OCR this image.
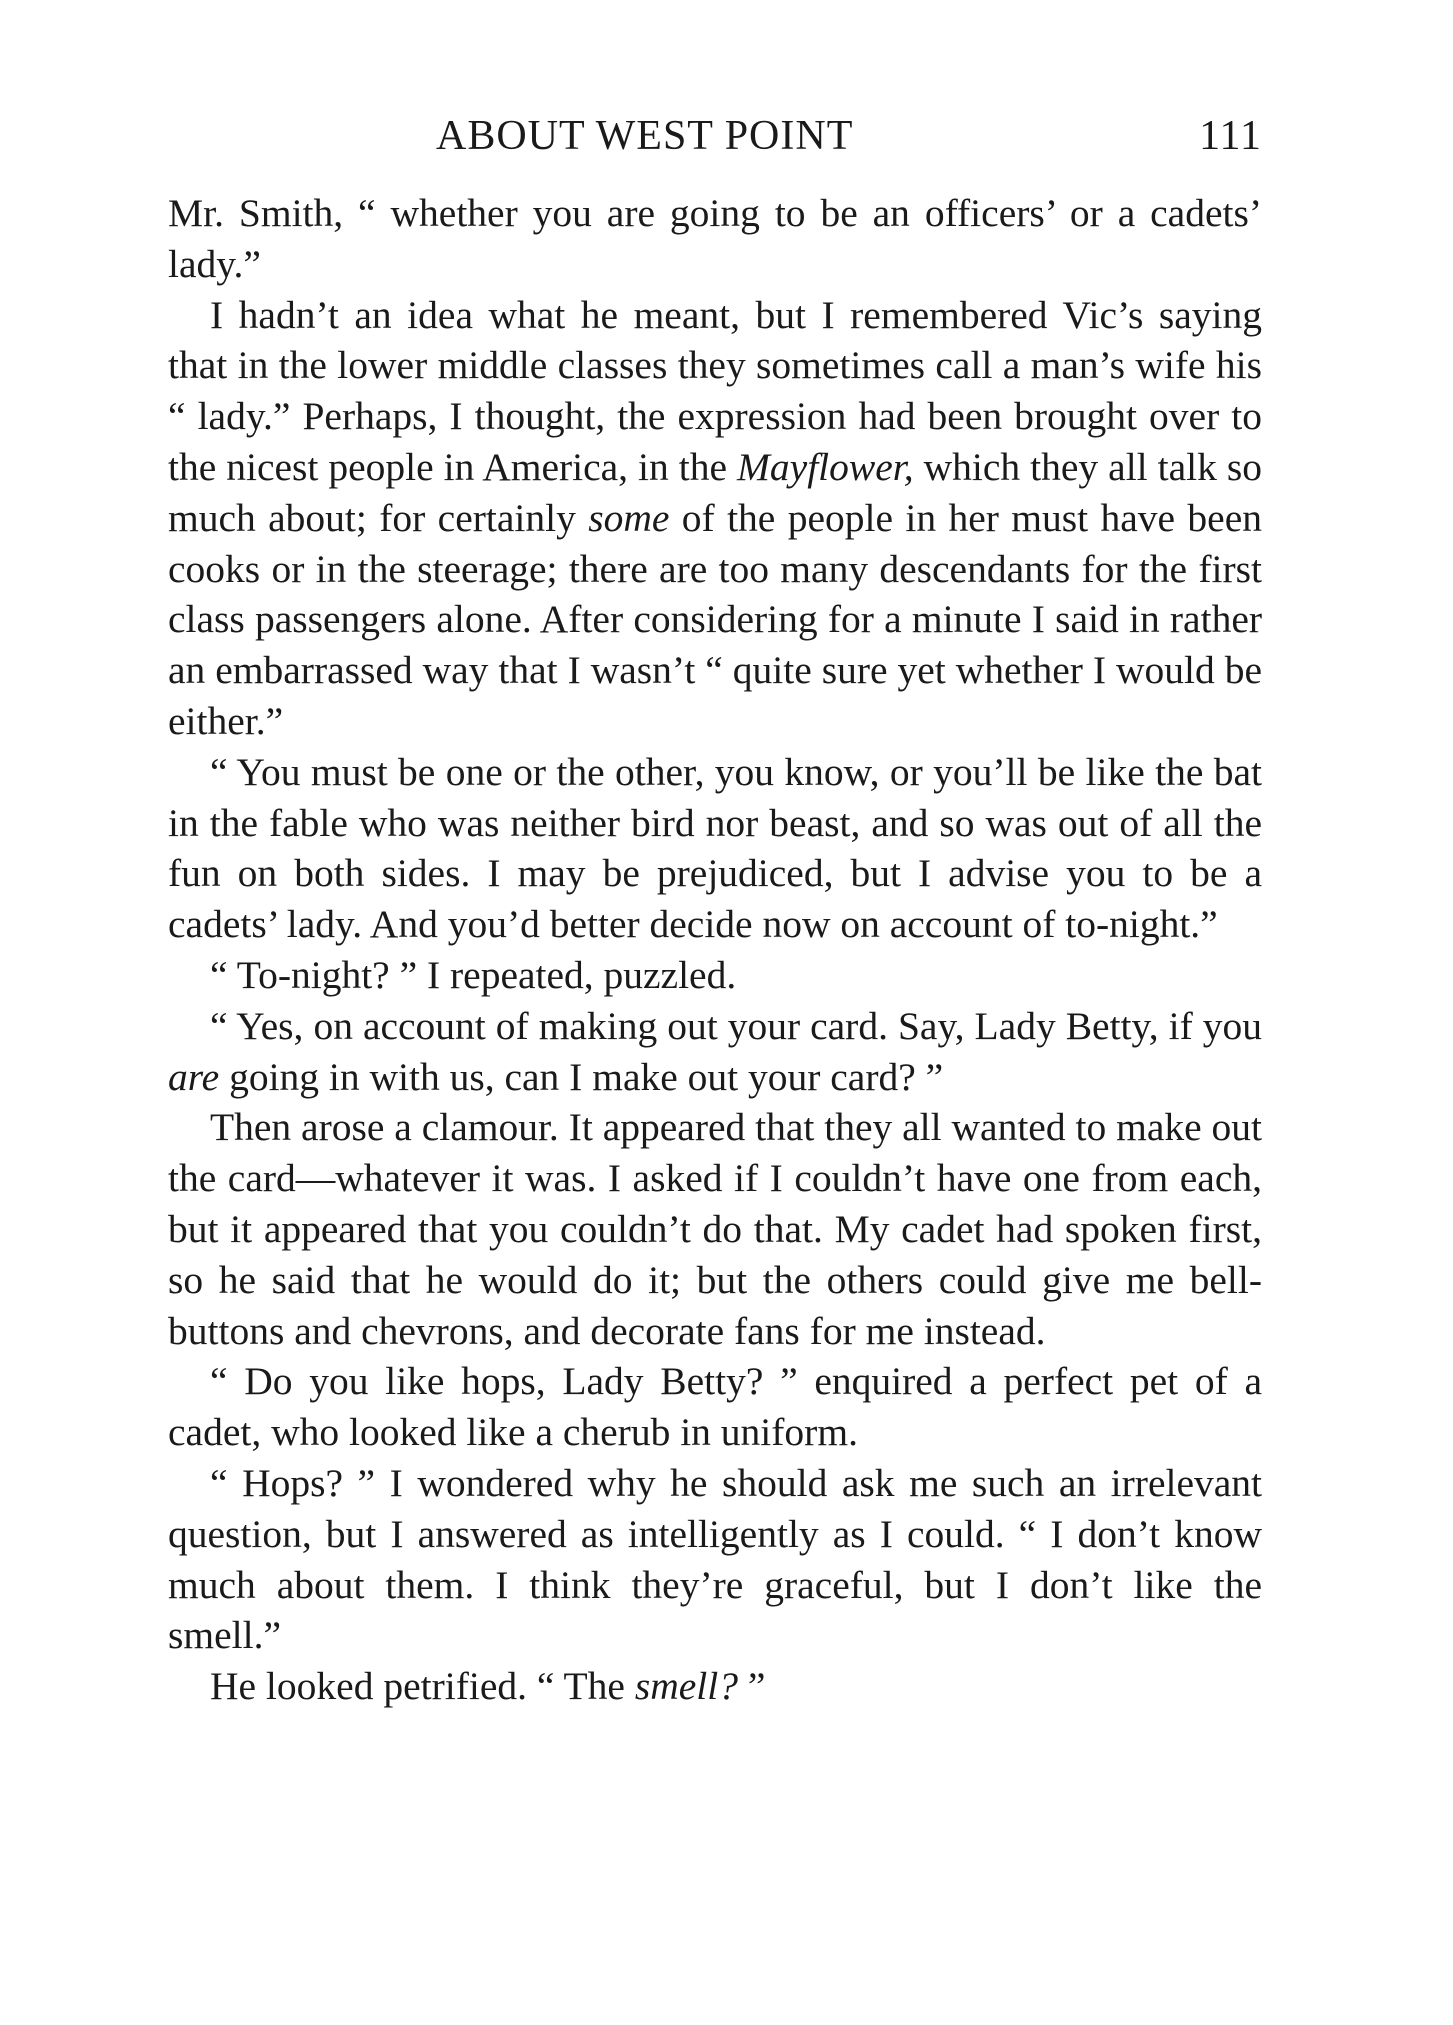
ABOUT WEST POINT	111

Mr. Smith, “ whether you are going to be an officers’ or a cadets’ lady.”

I hadn’t an idea what he meant, but I remembered Vic’s saying that in the lower middle classes they sometimes call a man’s wife his “ lady.” Perhaps, I thought, the expression had been brought over to the nicest people in America, in the Mayflower, which they all talk so much about; for certainly some of the people in her must have been cooks or in the steerage; there are too many descendants for the first class passengers alone. After considering for a minute I said in rather an embarrassed way that I wasn’t “ quite sure yet whether I would be either.”

“ You must be one or the other, you know, or you’ll be like the bat in the fable who was neither bird nor beast, and so was out of all the fun on both sides. I may be prejudiced, but I advise you to be a cadets’ lady. And you’d better decide now on account of to-night.”

“ To-night? ” I repeated, puzzled.

“ Yes, on account of making out your card. Say, Lady Betty, if you are going in with us, can I make out your card? ”

Then arose a clamour. It appeared that they all wanted to make out the card—whatever it was. I asked if I couldn’t have one from each, but it appeared that you couldn’t do that. My cadet had spoken first, so he said that he would do it; but the others could give me bell-buttons and chevrons, and decorate fans for me instead.

“ Do you like hops, Lady Betty? ” enquired a perfect pet of a cadet, who looked like a cherub in uniform.

“ Hops? ” I wondered why he should ask me such an irrelevant question, but I answered as intelligently as I could. “ I don’t know much about them. I think they’re graceful, but I don’t like the smell.”

He looked petrified. “ The smell? ”
